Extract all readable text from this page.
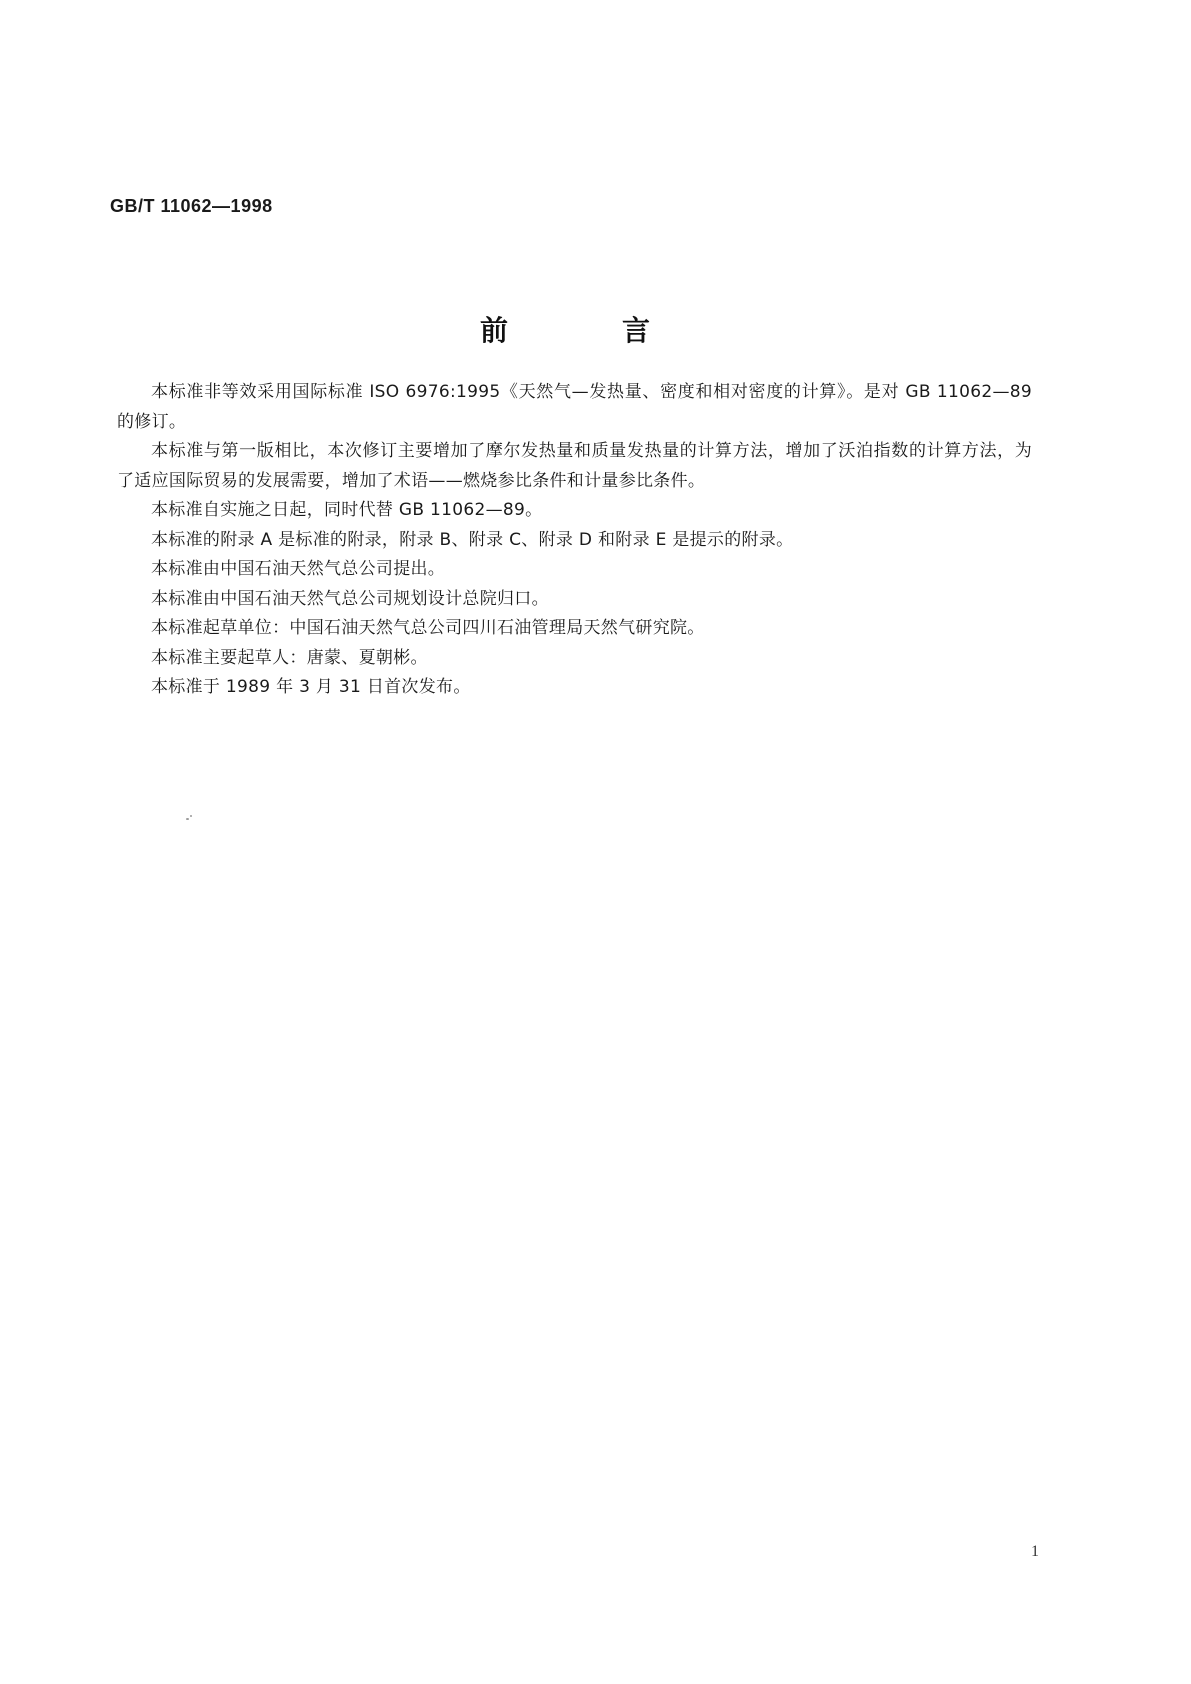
GB/T 11062—1998
前	言

本标准非等效采用国际标准 ISO 6976:1995《天然气—发热量、密度和相对密度的计算》。是对 GB 11062—89 的修订。

本标准与第一版相比，本次修订主要增加了摩尔发热量和质量发热量的计算方法，增加了沃泊指数的计算方法，为了适应国际贸易的发展需要，增加了术语——燃烧参比条件和计量参比条件。

本标准自实施之日起，同时代替 GB 11062—89。

本标准的附录 A 是标准的附录，附录 B、附录 C、附录 D 和附录 E 是提示的附录。

本标准由中国石油天然气总公司提出。

本标准由中国石油天然气总公司规划设计总院归口。

本标准起草单位：中国石油天然气总公司四川石油管理局天然气研究院。

本标准主要起草人：唐蒙、夏朝彬。

本标准于 1989 年 3 月 31 日首次发布。

1
